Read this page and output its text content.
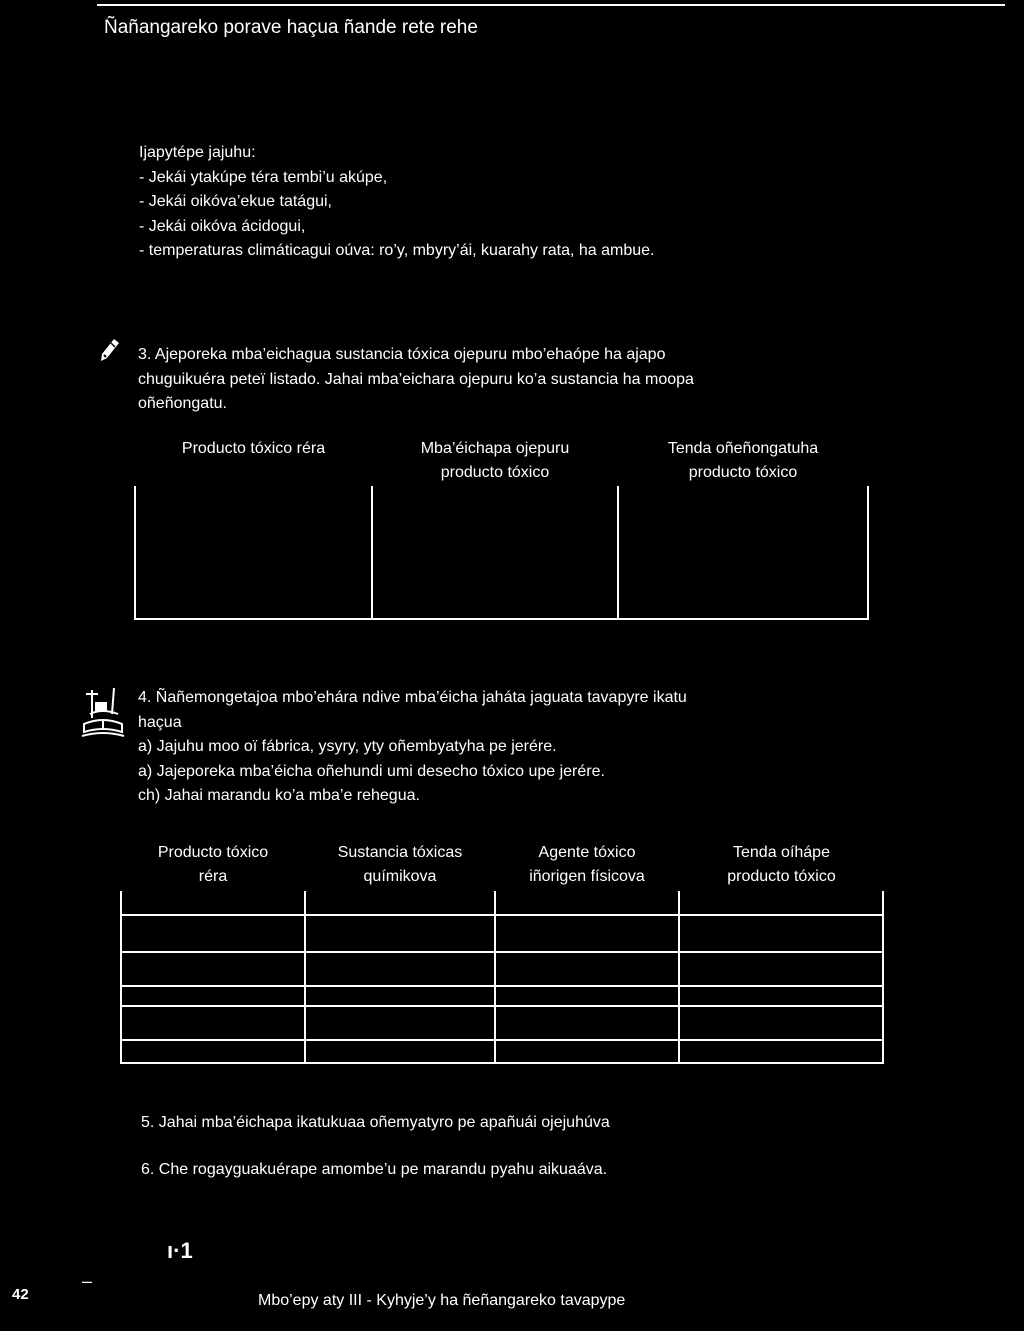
Ñañangareko porave haçua ñande rete rehe
Ijapytépe jajuhu:
- Jekái ytakúpe téra tembi’u akúpe,
- Jekái oikóva’ekue tatágui,
- Jekái oikóva ácidogui,
- temperaturas climáticagui oúva: ro’y, mbyry’ái, kuarahy rata, ha ambue.
3. Ajeporeka mba’eichagua sustancia tóxica ojepuru mbo’ehaópe ha ajapo
chuguikuéra peteï listado. Jahai mba’eichara ojepuru ko’a sustancia ha moopa
oñeñongatu.
Producto tóxico réra	Mba’éichapa ojepuru
producto tóxico
Tenda oñeñongatuha
producto tóxico
4. Ñañemongetajoa mbo’ehára ndive mba’éicha jaháta jaguata tavapyre ikatu
haçua
a) Jajuhu moo oï fábrica, ysyry, yty oñembyatyha pe jerére.
a) Jajeporeka mba’éicha oñehundi umi desecho tóxico upe jerére.
ch) Jahai marandu ko’a mba’e rehegua.
Producto tóxico
réra
Sustancia tóxicas
químikova
Agente tóxico
iñorigen físicova
Tenda oíhápe
producto tóxico
5. Jahai mba’éichapa ikatukuaa oñemyatyro pe apañuái ojejuhúva
6. Che rogayguakuérape amombe’u pe marandu pyahu aikuaáva.
ı·1
–
42	Mbo’epy aty III - Kyhyje’y ha ñeñangareko tavapype
